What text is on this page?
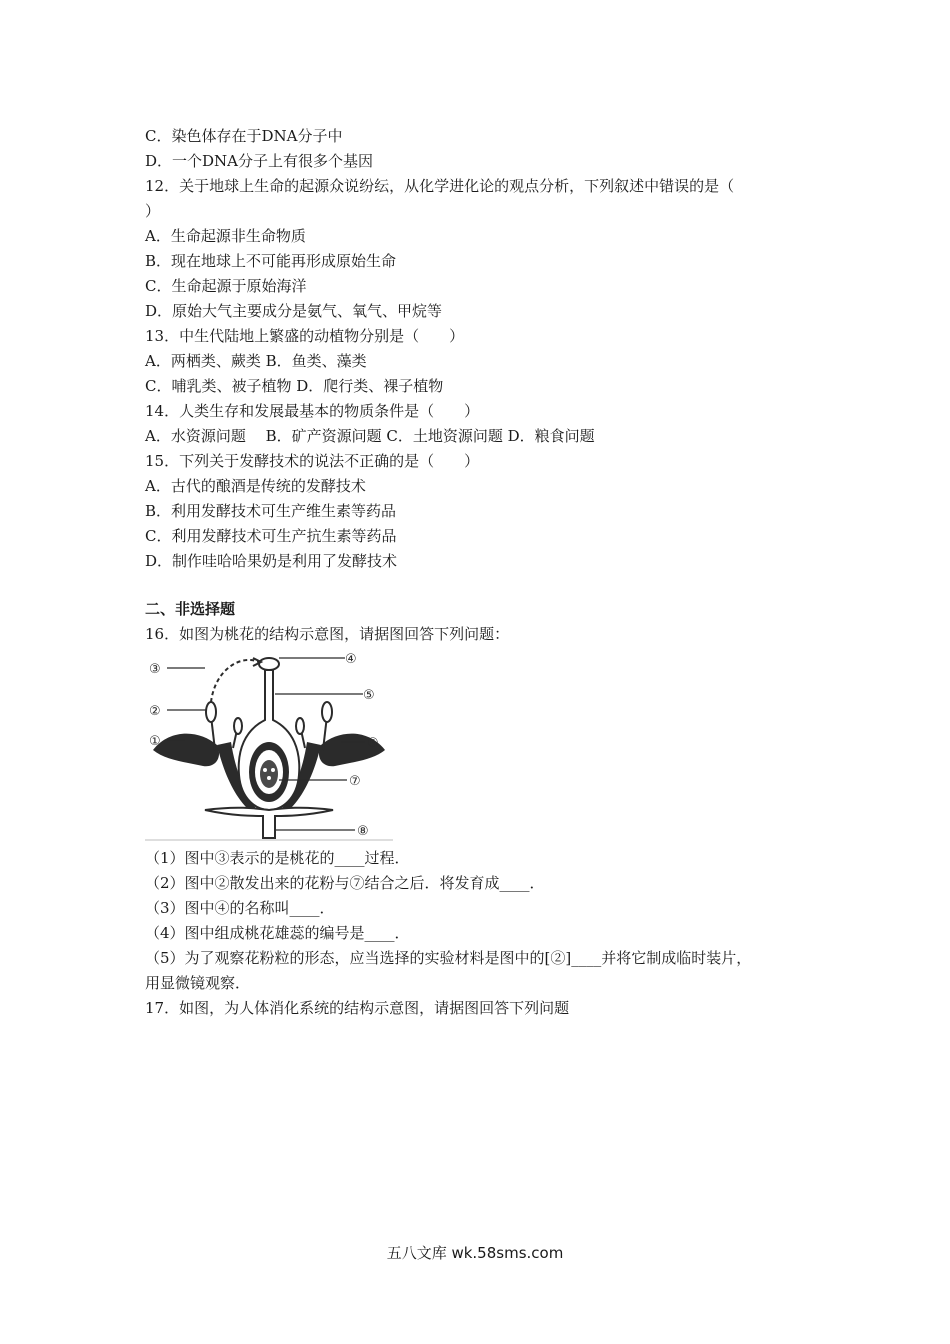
C．染色体存在于DNA分子中
D．一个DNA分子上有很多个基因
12．关于地球上生命的起源众说纷纭，从化学进化论的观点分析，下列叙述中错误的是（
）
A．生命起源非生命物质
B．现在地球上不可能再形成原始生命
C．生命起源于原始海洋
D．原始大气主要成分是氨气、氧气、甲烷等
13．中生代陆地上繁盛的动植物分别是（　　）
A．两栖类、蕨类 B．鱼类、藻类
C．哺乳类、被子植物 D．爬行类、裸子植物
14．人类生存和发展最基本的物质条件是（　　）
A．水资源问题　 B．矿产资源问题 C．土地资源问题 D．粮食问题
15．下列关于发酵技术的说法不正确的是（　　）
A．古代的酿酒是传统的发酵技术
B．利用发酵技术可生产维生素等药品
C．利用发酵技术可生产抗生素等药品
D．制作哇哈哈果奶是利用了发酵技术
二、非选择题
16．如图为桃花的结构示意图，请据图回答下列问题：
③
④
⑤
②
①	⑥
⑦
⑧
（1）图中③表示的是桃花的____过程．
（2）图中②散发出来的花粉与⑦结合之后．将发育成____．
（3）图中④的名称叫____．
（4）图中组成桃花雄蕊的编号是____．
（5）为了观察花粉粒的形态，应当选择的实验材料是图中的[②]____并将它制成临时装片，
用显微镜观察．
17．如图，为人体消化系统的结构示意图，请据图回答下列问题
五八文库 wk.58sms.com
